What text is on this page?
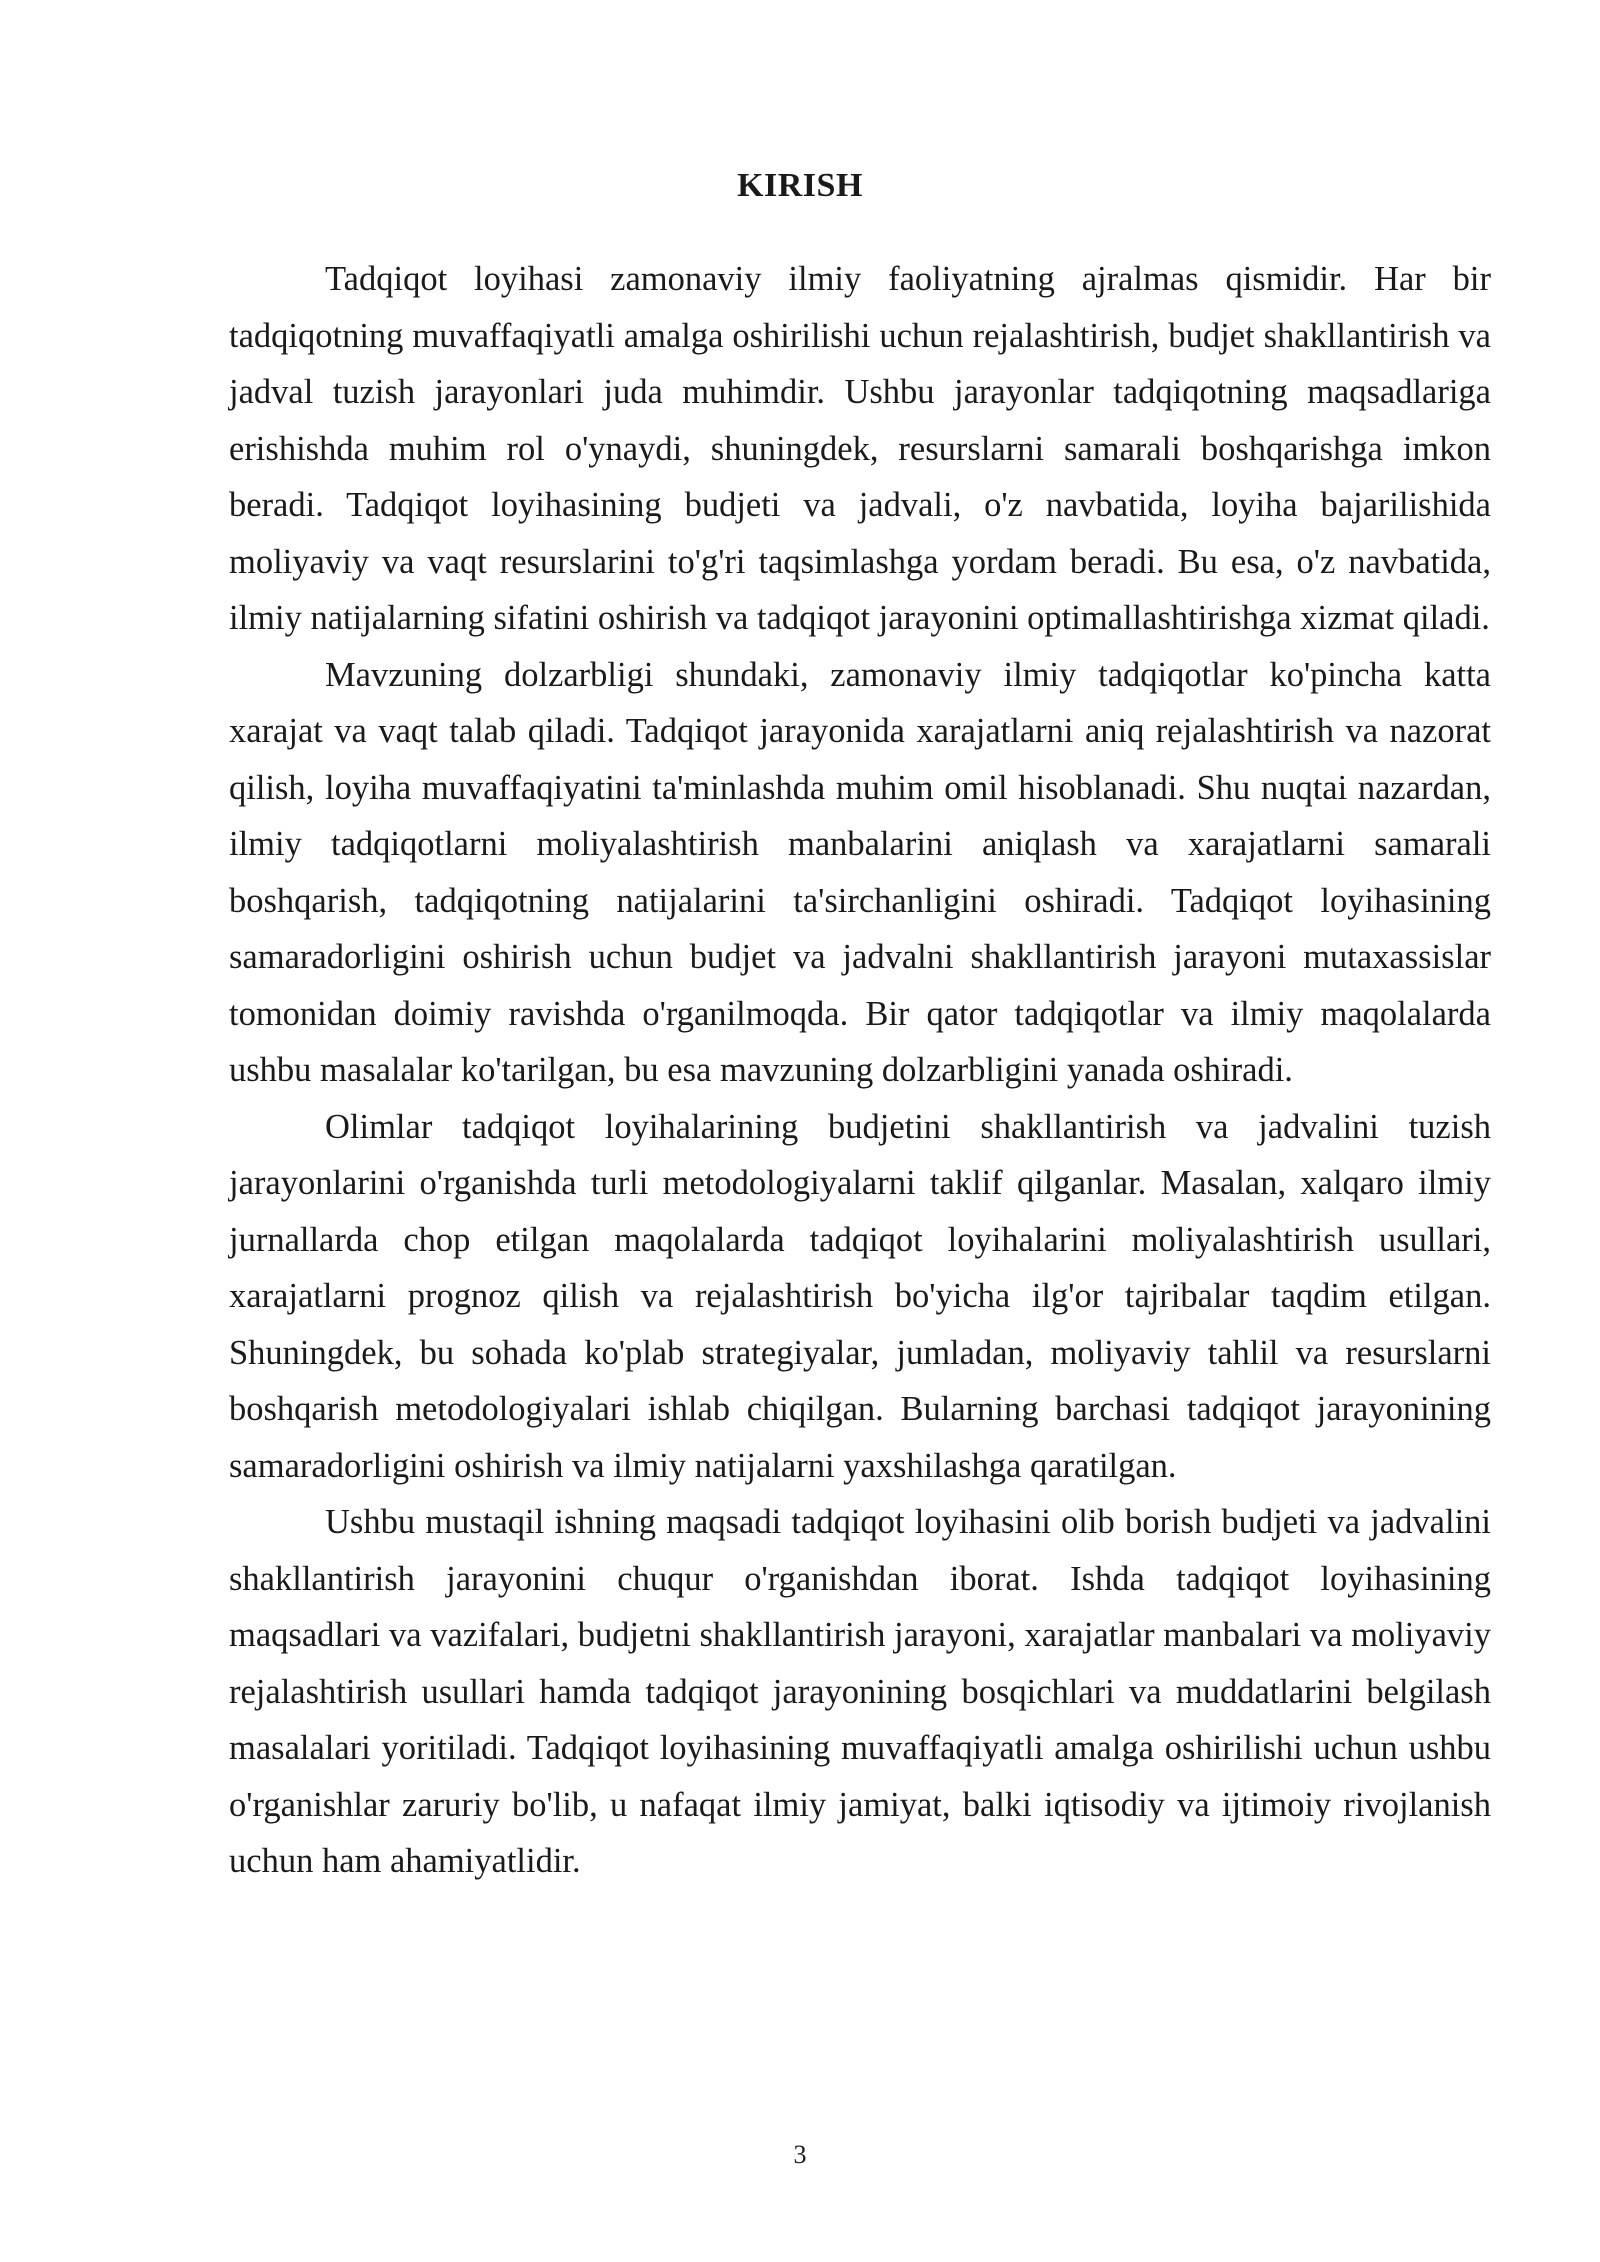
KIRISH

Tadqiqot loyihasi zamonaviy ilmiy faoliyatning ajralmas qismidir. Har bir tadqiqotning muvaffaqiyatli amalga oshirilishi uchun rejalashtirish, budjet shakllantirish va jadval tuzish jarayonlari juda muhimdir. Ushbu jarayonlar tadqiqotning maqsadlariga erishishda muhim rol o'ynaydi, shuningdek, resurslarni samarali boshqarishga imkon beradi. Tadqiqot loyihasining budjeti va jadvali, o'z navbatida, loyiha bajarilishida moliyaviy va vaqt resurslarini to'g'ri taqsimlashga yordam beradi. Bu esa, o'z navbatida, ilmiy natijalarning sifatini oshirish va tadqiqot jarayonini optimallashtirishga xizmat qiladi.

Mavzuning dolzarbligi shundaki, zamonaviy ilmiy tadqiqotlar ko'pincha katta xarajat va vaqt talab qiladi. Tadqiqot jarayonida xarajatlarni aniq rejalashtirish va nazorat qilish, loyiha muvaffaqiyatini ta'minlashda muhim omil hisoblanadi. Shu nuqtai nazardan, ilmiy tadqiqotlarni moliyalashtirish manbalarini aniqlash va xarajatlarni samarali boshqarish, tadqiqotning natijalarini ta'sirchanligini oshiradi. Tadqiqot loyihasining samaradorligini oshirish uchun budjet va jadvalni shakllantirish jarayoni mutaxassislar tomonidan doimiy ravishda o'rganilmoqda. Bir qator tadqiqotlar va ilmiy maqolalarda ushbu masalalar ko'tarilgan, bu esa mavzuning dolzarbligini yanada oshiradi.

Olimlar tadqiqot loyihalarining budjetini shakllantirish va jadvalini tuzish jarayonlarini o'rganishda turli metodologiyalarni taklif qilganlar. Masalan, xalqaro ilmiy jurnallarda chop etilgan maqolalarda tadqiqot loyihalarini moliyalashtirish usullari, xarajatlarni prognoz qilish va rejalashtirish bo'yicha ilg'or tajribalar taqdim etilgan. Shuningdek, bu sohada ko'plab strategiyalar, jumladan, moliyaviy tahlil va resurslarni boshqarish metodologiyalari ishlab chiqilgan. Bularning barchasi tadqiqot jarayonining samaradorligini oshirish va ilmiy natijalarni yaxshilashga qaratilgan.

Ushbu mustaqil ishning maqsadi tadqiqot loyihasini olib borish budjeti va jadvalini shakllantirish jarayonini chuqur o'rganishdan iborat. Ishda tadqiqot loyihasining maqsadlari va vazifalari, budjetni shakllantirish jarayoni, xarajatlar manbalari va moliyaviy rejalashtirish usullari hamda tadqiqot jarayonining bosqichlari va muddatlarini belgilash masalalari yoritiladi. Tadqiqot loyihasining muvaffaqiyatli amalga oshirilishi uchun ushbu o'rganishlar zaruriy bo'lib, u nafaqat ilmiy jamiyat, balki iqtisodiy va ijtimoiy rivojlanish uchun ham ahamiyatlidir.

3
